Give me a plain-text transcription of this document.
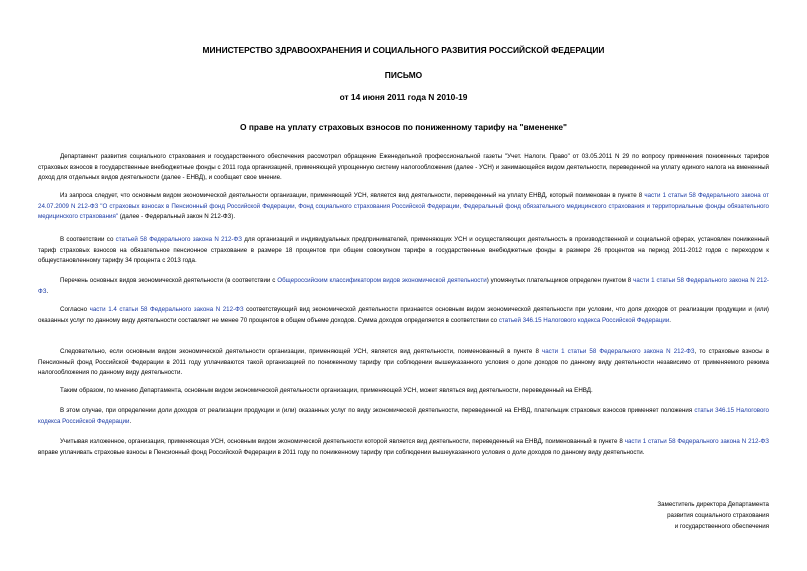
МИНИСТЕРСТВО ЗДРАВООХРАНЕНИЯ И СОЦИАЛЬНОГО РАЗВИТИЯ РОССИЙСКОЙ ФЕДЕРАЦИИ
ПИСЬМО
от 14 июня 2011 года N 2010-19
О праве на уплату страховых взносов по пониженному тарифу на "вмененке"

Департамент развития социального страхования и государственного обеспечения рассмотрел обращение Еженедельной профессиональной газеты "Учет. Налоги. Право" от 03.05.2011 N 29 по вопросу применения пониженных тарифов страховых взносов в государственные внебюджетные фонды с 2011 года организацией, применяющей упрощенную систему налогообложения (далее - УСН) и занимающейся видом деятельности, переведенной на уплату единого налога на вмененный доход для отдельных видов деятельности (далее - ЕНВД), и сообщает свое мнение.

Из запроса следует, что основным видом экономической деятельности организации, применяющей УСН, является вид деятельности, переведенный на уплату ЕНВД, который поименован в пункте 8 части 1 статьи 58 Федерального закона от 24.07.2009 N 212-ФЗ "О страховых взносах в Пенсионный фонд Российской Федерации, Фонд социального страхования Российской Федерации, Федеральный фонд обязательного медицинского страхования и территориальные фонды обязательного медицинского страхования" (далее - Федеральный закон N 212-ФЗ).

В соответствии со статьей 58 Федерального закона N 212-ФЗ для организаций и индивидуальных предпринимателей, применяющих УСН и осуществляющих деятельность в производственной и социальной сферах, установлен пониженный тариф страховых взносов на обязательное пенсионное страхование в размере 18 процентов при общем совокупном тарифе в государственные внебюджетные фонды в размере 26 процентов на период 2011-2012 годов с переходом к общеустановленному тарифу 34 процента с 2013 года.

Перечень основных видов экономической деятельности (в соответствии с Общероссийским классификатором видов экономической деятельности) упомянутых плательщиков определен пунктом 8 части 1 статьи 58 Федерального закона N 212-ФЗ.

Согласно части 1.4 статьи 58 Федерального закона N 212-ФЗ соответствующий вид экономической деятельности признается основным видом экономической деятельности при условии, что доля доходов от реализации продукции и (или) оказанных услуг по данному виду деятельности составляет не менее 70 процентов в общем объеме доходов. Сумма доходов определяется в соответствии со статьей 346.15 Налогового кодекса Российской Федерации.

Следовательно, если основным видом экономической деятельности организации, применяющей УСН, является вид деятельности, поименованный в пункте 8 части 1 статьи 58 Федерального закона N 212-ФЗ, то страховые взносы в Пенсионный фонд Российской Федерации в 2011 году уплачиваются такой организацией по пониженному тарифу при соблюдении вышеуказанного условия о доле доходов по данному виду деятельности независимо от применяемого режима налогообложения по данному виду деятельности.

Таким образом, по мнению Департамента, основным видом экономической деятельности организации, применяющей УСН, может являться вид деятельности, переведенный на ЕНВД.

В этом случае, при определении доли доходов от реализации продукции и (или) оказанных услуг по виду экономической деятельности, переведенной на ЕНВД, плательщик страховых взносов применяет положения статьи 346.15 Налогового кодекса Российской Федерации.

Учитывая изложенное, организация, применяющая УСН, основным видом экономической деятельности которой является вид деятельности, переведенный на ЕНВД, поименованный в пункте 8 части 1 статьи 58 Федерального закона N 212-ФЗ вправе уплачивать страховые взносы в Пенсионный фонд Российской Федерации в 2011 году по пониженному тарифу при соблюдении вышеуказанного условия о доле доходов по данному виду деятельности.

Заместитель директора Департамента
развития социального страхования
и государственного обеспечения
